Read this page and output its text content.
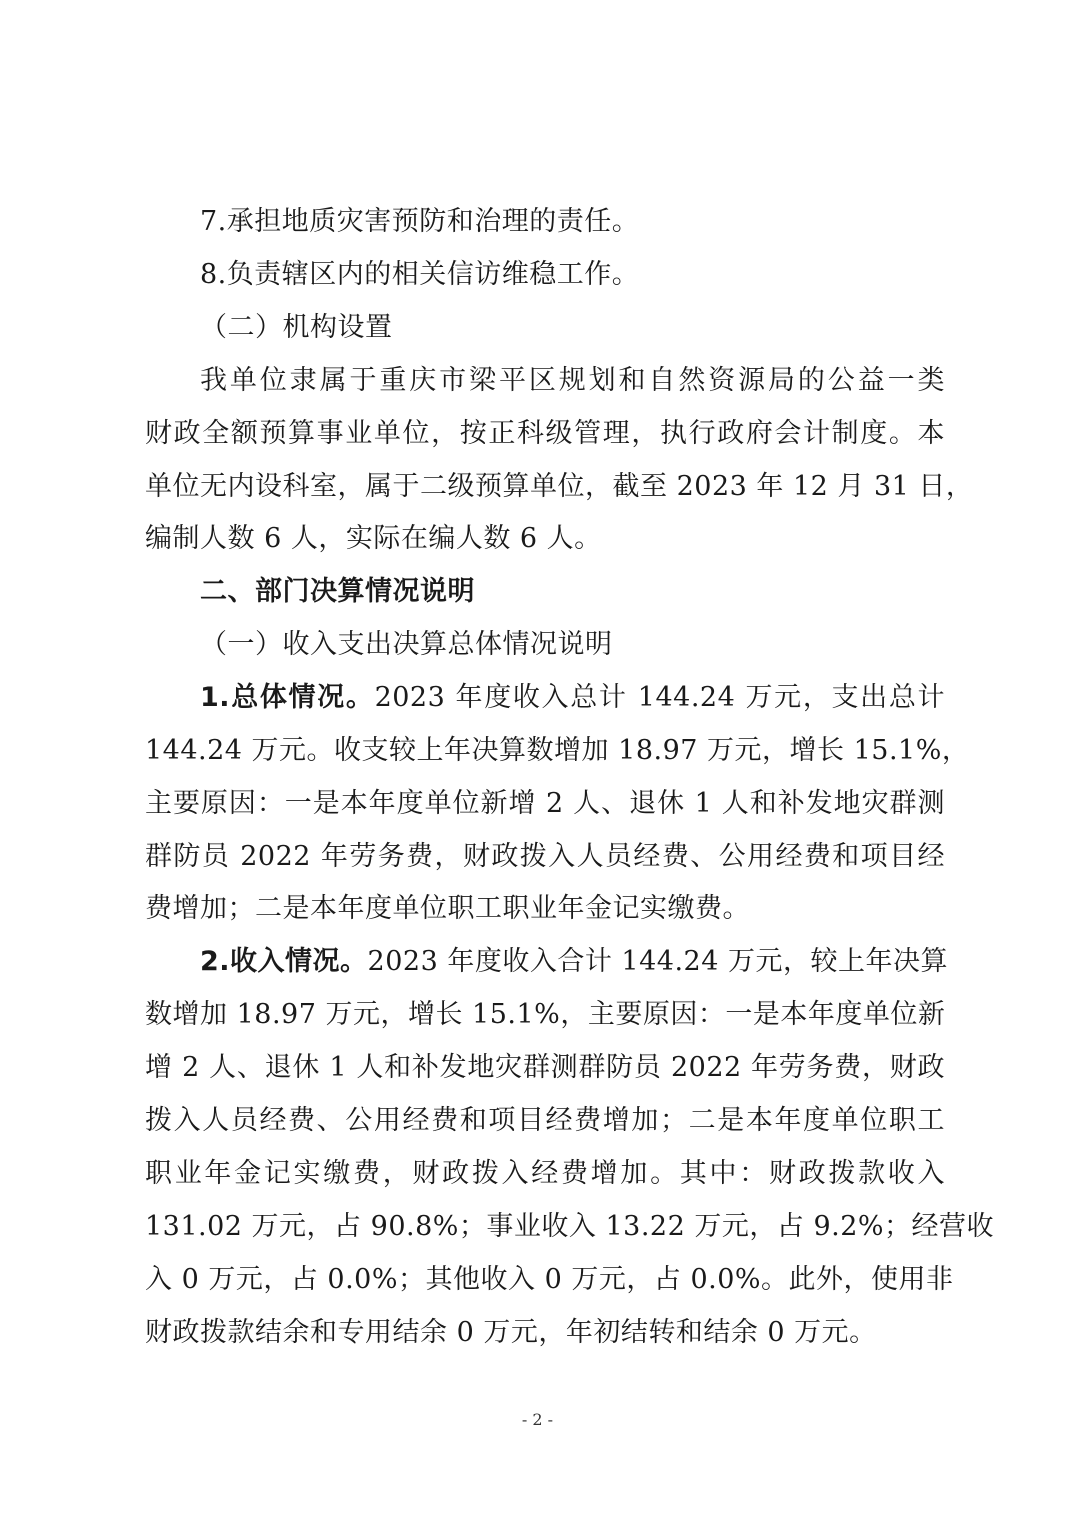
7.承担地质灾害预防和治理的责任。
8.负责辖区内的相关信访维稳工作。
（二）机构设置
我单位隶属于重庆市梁平区规划和自然资源局的公益一类
财政全额预算事业单位，按正科级管理，执行政府会计制度。本
单位无内设科室，属于二级预算单位，截至 2023 年 12 月 31 日，
编制人数 6 人，实际在编人数 6 人。
二、部门决算情况说明
（一）收入支出决算总体情况说明
1.总体情况。2023 年度收入总计 144.24 万元，支出总计
144.24 万元。收支较上年决算数增加 18.97 万元，增长 15.1%，
主要原因：一是本年度单位新增 2 人、退休 1 人和补发地灾群测
群防员 2022 年劳务费，财政拨入人员经费、公用经费和项目经
费增加；二是本年度单位职工职业年金记实缴费。
2.收入情况。2023 年度收入合计 144.24 万元，较上年决算
数增加 18.97 万元，增长 15.1%，主要原因：一是本年度单位新
增 2 人、退休 1 人和补发地灾群测群防员 2022 年劳务费，财政
拨入人员经费、公用经费和项目经费增加；二是本年度单位职工
职业年金记实缴费，财政拨入经费增加。其中：财政拨款收入
131.02 万元，占 90.8%；事业收入 13.22 万元，占 9.2%；经营收
入 0 万元，占 0.0%；其他收入 0 万元，占 0.0%。此外，使用非
财政拨款结余和专用结余 0 万元，年初结转和结余 0 万元。
- 2 -
